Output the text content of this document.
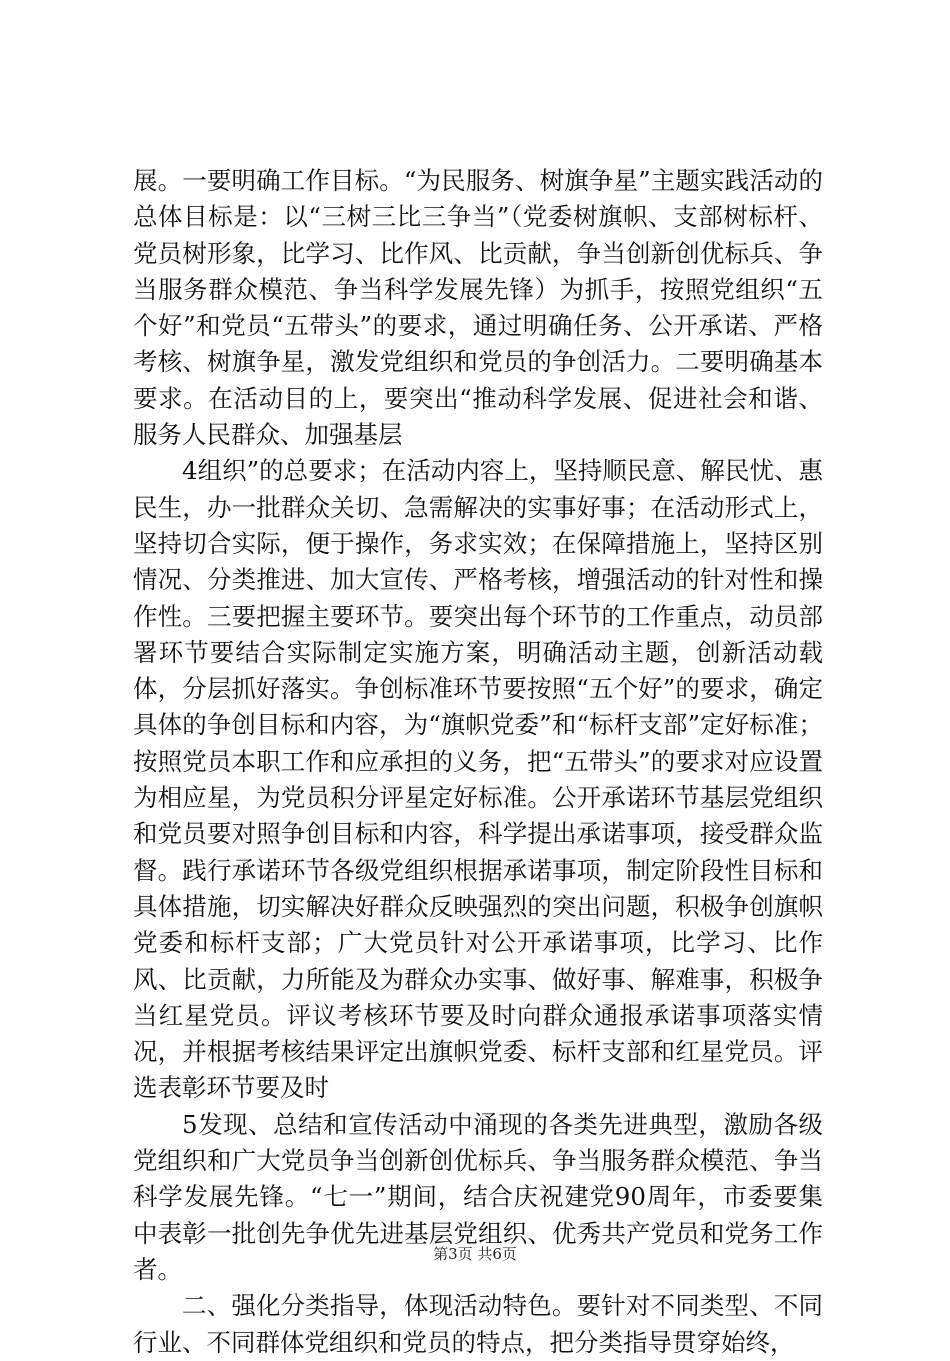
展。一要明确工作目标。“为民服务、树旗争星”主题实践活动的总体目标是：以“三树三比三争当”（党委树旗帜、支部树标杆、党员树形象，比学习、比作风、比贡献，争当创新创优标兵、争当服务群众模范、争当科学发展先锋）为抓手，按照党组织“五个好”和党员“五带头”的要求，通过明确任务、公开承诺、严格考核、树旗争星，激发党组织和党员的争创活力。二要明确基本要求。在活动目的上，要突出“推动科学发展、促进社会和谐、服务人民群众、加强基层

4组织”的总要求；在活动内容上，坚持顺民意、解民忧、惠民生，办一批群众关切、急需解决的实事好事；在活动形式上，坚持切合实际，便于操作，务求实效；在保障措施上，坚持区别情况、分类推进、加大宣传、严格考核，增强活动的针对性和操作性。三要把握主要环节。要突出每个环节的工作重点，动员部署环节要结合实际制定实施方案，明确活动主题，创新活动载体，分层抓好落实。争创标准环节要按照“五个好”的要求，确定具体的争创目标和内容，为“旗帜党委”和“标杆支部”定好标准；按照党员本职工作和应承担的义务，把“五带头”的要求对应设置为相应星，为党员积分评星定好标准。公开承诺环节基层党组织和党员要对照争创目标和内容，科学提出承诺事项，接受群众监督。践行承诺环节各级党组织根据承诺事项，制定阶段性目标和具体措施，切实解决好群众反映强烈的突出问题，积极争创旗帜党委和标杆支部；广大党员针对公开承诺事项，比学习、比作风、比贡献，力所能及为群众办实事、做好事、解难事，积极争当红星党员。评议考核环节要及时向群众通报承诺事项落实情况，并根据考核结果评定出旗帜党委、标杆支部和红星党员。评选表彰环节要及时

5发现、总结和宣传活动中涌现的各类先进典型，激励各级党组织和广大党员争当创新创优标兵、争当服务群众模范、争当科学发展先锋。“七一”期间，结合庆祝建党90周年，市委要集中表彰一批创先争优先进基层党组织、优秀共产党员和党务工作者。

二、强化分类指导，体现活动特色。要针对不同类型、不同行业、不同群体党组织和党员的特点，把分类指导贯穿始终，

第3页 共6页
